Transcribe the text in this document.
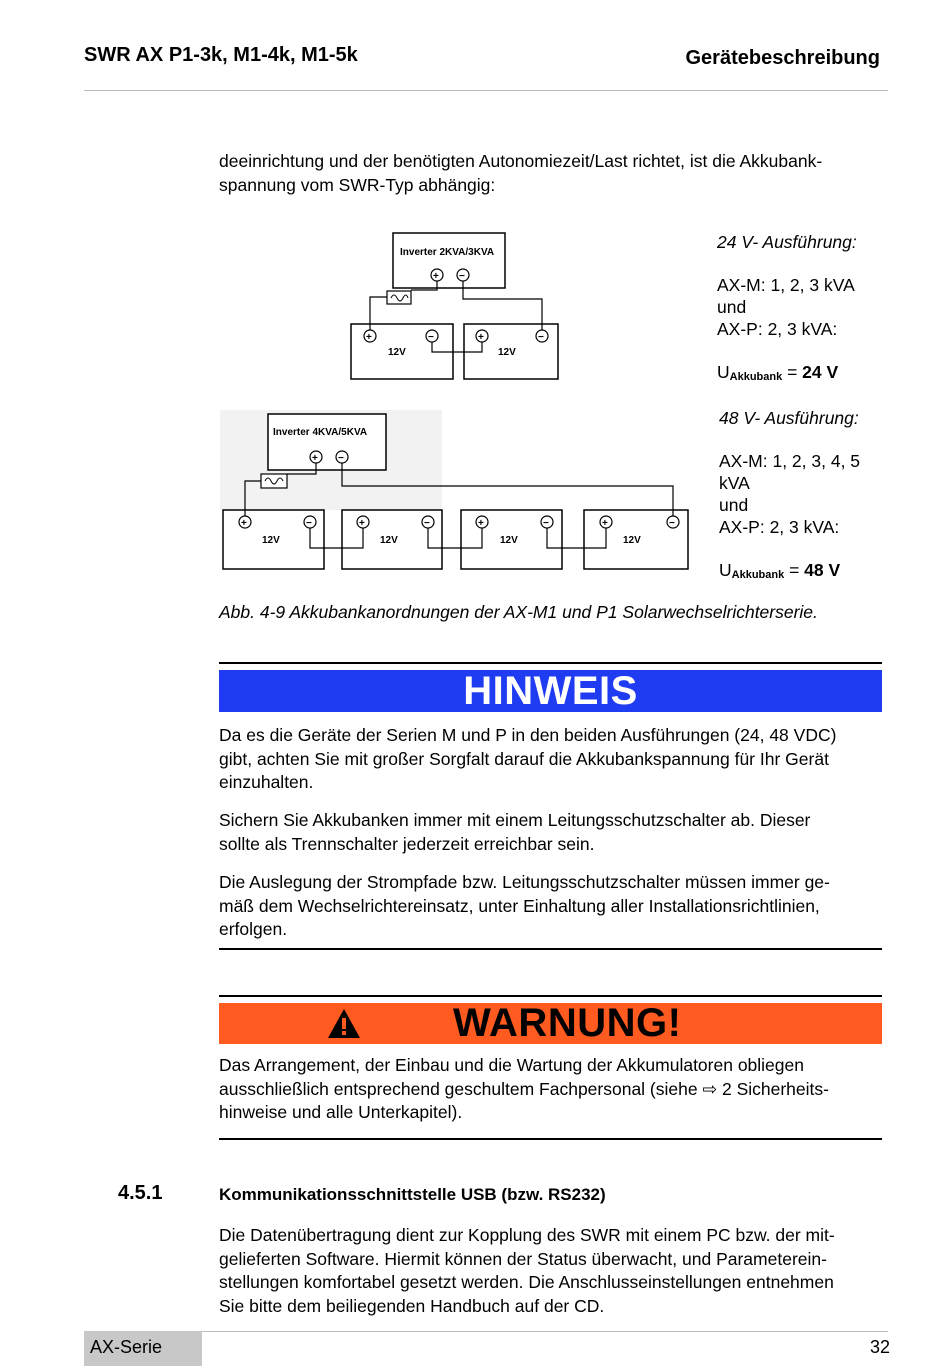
SWR AX P1-3k, M1-4k, M1-5k	Gerätebeschreibung
deeinrichtung und der benötigten Autonomiezeit/Last richtet, ist die Akkubank-
spannung vom SWR-Typ abhängig:
Inverter 2KVA/3KVA
+ −
12V	12V
+	−	+	−
Inverter 4KVA/5KVA
+ −
12V	12V	12V	12V
+	−	+	−	+	−	+	−
24 V- Ausführung:
AX-M: 1, 2, 3 kVA
und
AX-P: 2, 3 kVA:
$U_{Akkubank} = 24$ V
48 V- Ausführung:
AX-M: 1, 2, 3, 4, 5
kVA
und
AX-P: 2, 3 kVA:
$U_{Akkubank} = 48$ V
Abb. 4-9 Akkubankanordnungen der AX-M1 und P1 Solarwechselrichterserie.
HINWEIS
Da es die Geräte der Serien M und P in den beiden Ausführungen (24, 48 VDC)
gibt, achten Sie mit großer Sorgfalt darauf die Akkubankspannung für Ihr Gerät
einzuhalten.
Sichern Sie Akkubanken immer mit einem Leitungsschutzschalter ab. Dieser
sollte als Trennschalter jederzeit erreichbar sein.
Die Auslegung der Strompfade bzw. Leitungsschutzschalter müssen immer ge-
mäß dem Wechselrichtereinsatz, unter Einhaltung aller Installationsrichtlinien,
erfolgen.
WARNUNG!
Das Arrangement, der Einbau und die Wartung der Akkumulatoren obliegen
ausschließlich entsprechend geschultem Fachpersonal (siehe ⇨ 2 Sicherheits-
hinweise und alle Unterkapitel).
4.5.1	Kommunikationsschnittstelle USB (bzw. RS232)
Die Datenübertragung dient zur Kopplung des SWR mit einem PC bzw. der mit-
gelieferten Software. Hiermit können der Status überwacht, und Parameterein-
stellungen komfortabel gesetzt werden. Die Anschlusseinstellungen entnehmen
Sie bitte dem beiliegenden Handbuch auf der CD.
AX-Serie	32
